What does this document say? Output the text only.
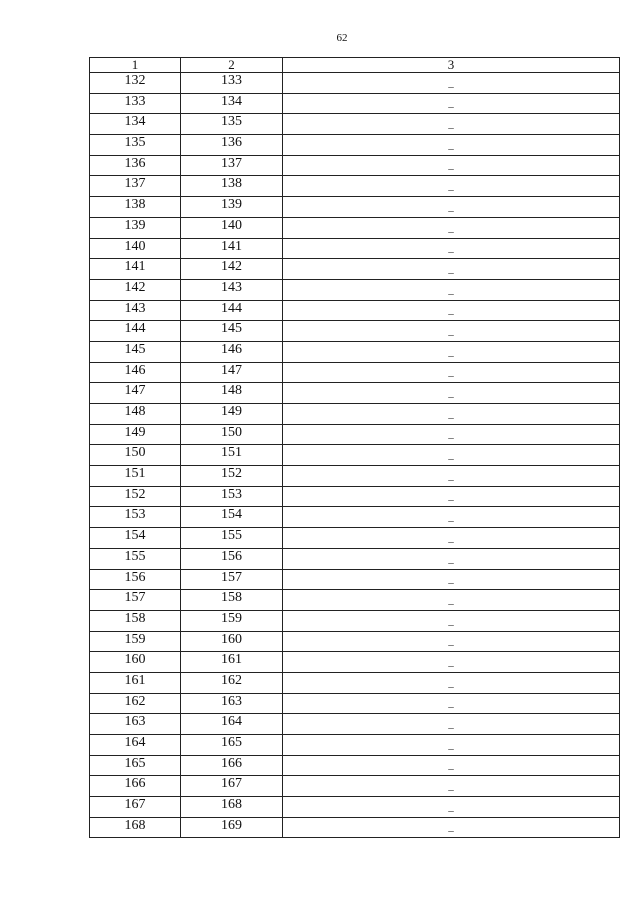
62
1	2	3
132	133	–
133	134	–
134	135	–
135	136	–
136	137	–
137	138	–
138	139	–
139	140	–
140	141	–
141	142	–
142	143	–
143	144	–
144	145	–
145	146	–
146	147	–
147	148	–
148	149	–
149	150	–
150	151	–
151	152	–
152	153	–
153	154	–
154	155	–
155	156	–
156	157	–
157	158	–
158	159	–
159	160	–
160	161	–
161	162	–
162	163	–
163	164	–
164	165	–
165	166	–
166	167	–
167	168	–
168	169	–
